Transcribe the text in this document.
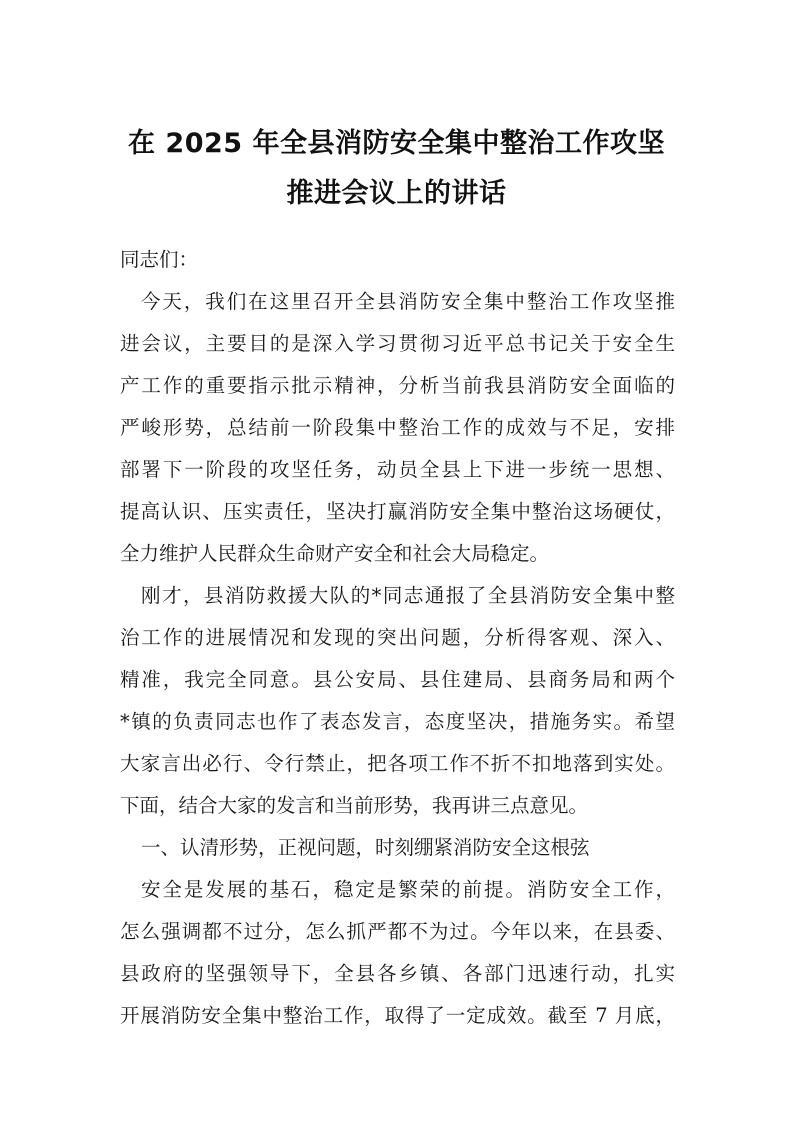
在 2025 年全县消防安全集中整治工作攻坚
推进会议上的讲话
同志们：
今天，我们在这里召开全县消防安全集中整治工作攻坚推
进会议，主要目的是深入学习贯彻习近平总书记关于安全生
产工作的重要指示批示精神，分析当前我县消防安全面临的
严峻形势，总结前一阶段集中整治工作的成效与不足，安排
部署下一阶段的攻坚任务，动员全县上下进一步统一思想、
提高认识、压实责任，坚决打赢消防安全集中整治这场硬仗，
全力维护人民群众生命财产安全和社会大局稳定。
刚才，县消防救援大队的*同志通报了全县消防安全集中整
治工作的进展情况和发现的突出问题，分析得客观、深入、
精准，我完全同意。县公安局、县住建局、县商务局和两个
*镇的负责同志也作了表态发言，态度坚决，措施务实。希望
大家言出必行、令行禁止，把各项工作不折不扣地落到实处。
下面，结合大家的发言和当前形势，我再讲三点意见。
一、认清形势，正视问题，时刻绷紧消防安全这根弦
安全是发展的基石，稳定是繁荣的前提。消防安全工作，
怎么强调都不过分，怎么抓严都不为过。今年以来，在县委、
县政府的坚强领导下，全县各乡镇、各部门迅速行动，扎实
开展消防安全集中整治工作，取得了一定成效。截至 7 月底，
